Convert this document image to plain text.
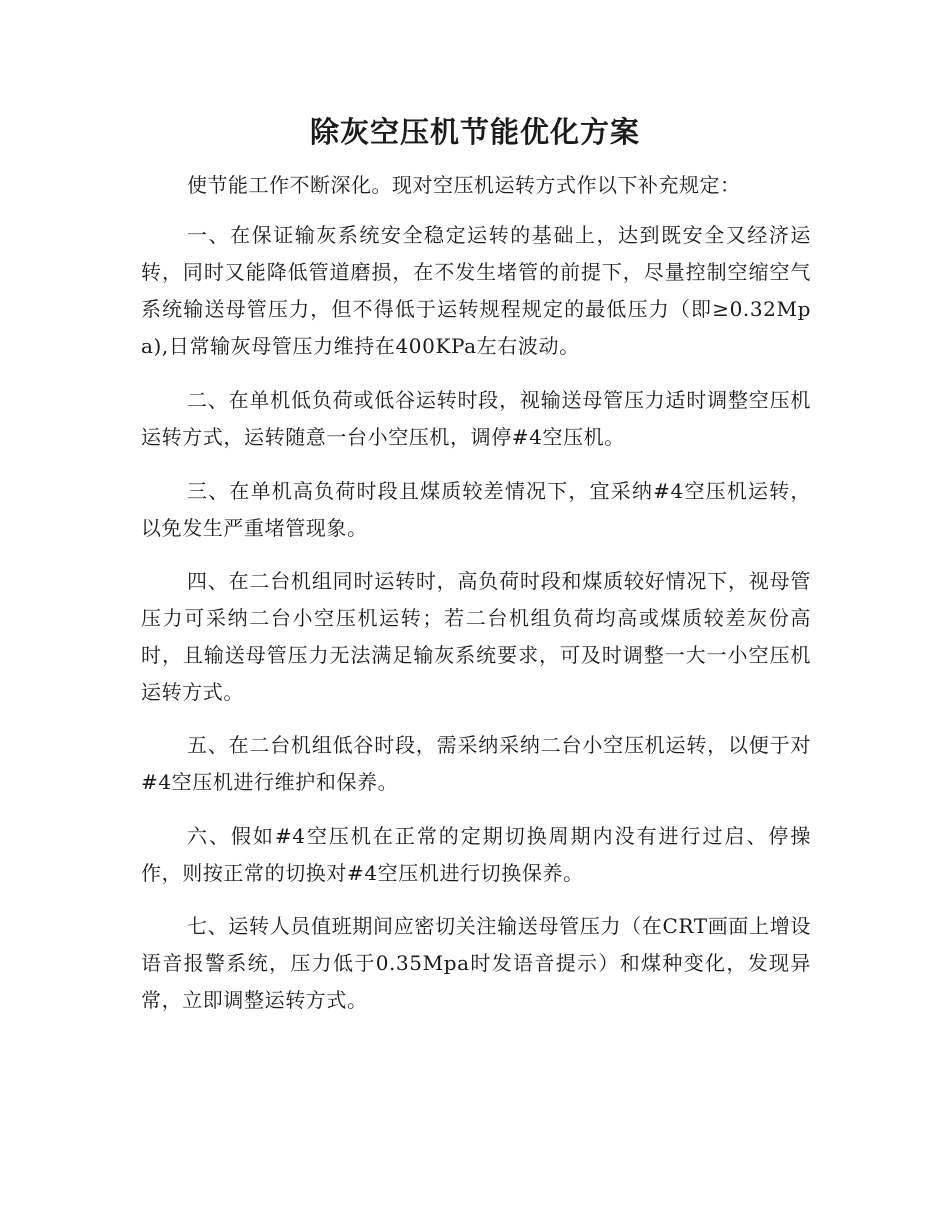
除灰空压机节能优化方案

使节能工作不断深化。现对空压机运转方式作以下补充规定：

一、在保证输灰系统安全稳定运转的基础上，达到既安全又经济运转，同时又能降低管道磨损，在不发生堵管的前提下，尽量控制空缩空气系统输送母管压力，但不得低于运转规程规定的最低压力（即≥0.32Mpa),日常输灰母管压力维持在400KPa左右波动。

二、在单机低负荷或低谷运转时段，视输送母管压力适时调整空压机运转方式，运转随意一台小空压机，调停#4空压机。

三、在单机高负荷时段且煤质较差情况下，宜采纳#4空压机运转，以免发生严重堵管现象。

四、在二台机组同时运转时，高负荷时段和煤质较好情况下，视母管压力可采纳二台小空压机运转；若二台机组负荷均高或煤质较差灰份高时，且输送母管压力无法满足输灰系统要求，可及时调整一大一小空压机运转方式。

五、在二台机组低谷时段，需采纳采纳二台小空压机运转，以便于对#4空压机进行维护和保养。

六、假如#4空压机在正常的定期切换周期内没有进行过启、停操作，则按正常的切换对#4空压机进行切换保养。

七、运转人员值班期间应密切关注输送母管压力（在CRT画面上增设语音报警系统，压力低于0.35Mpa时发语音提示）和煤种变化，发现异常，立即调整运转方式。
